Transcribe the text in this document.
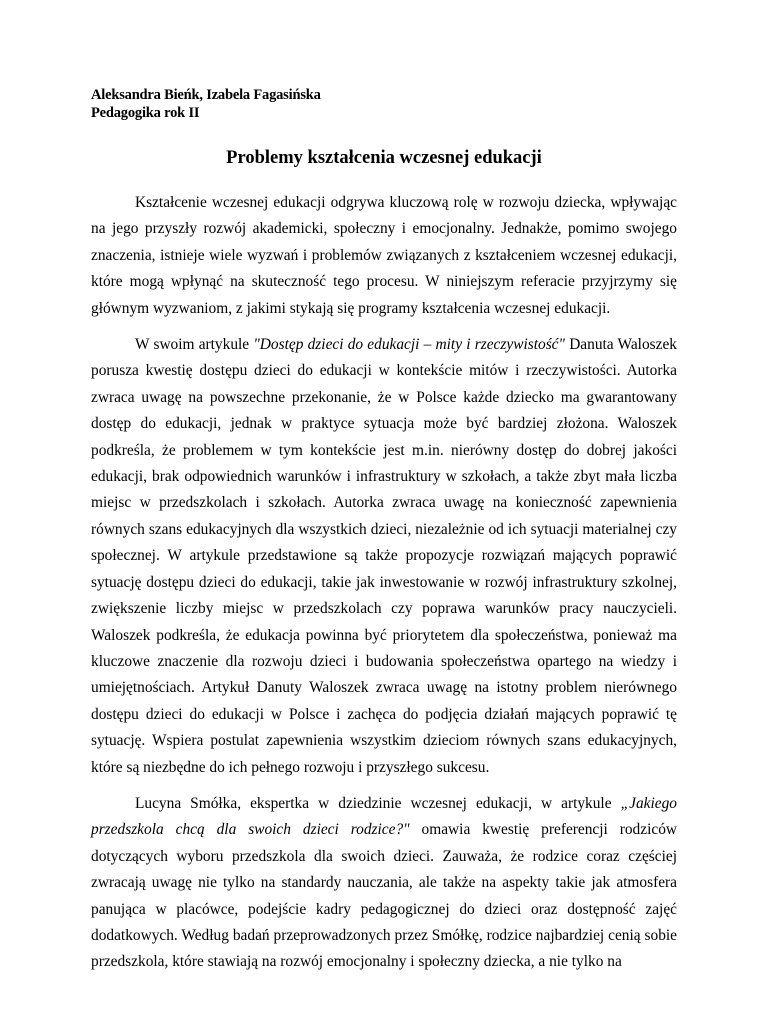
Aleksandra Bieńk, Izabela Fagasińska
Pedagogika rok II
Problemy kształcenia wczesnej edukacji

Kształcenie wczesnej edukacji odgrywa kluczową rolę w rozwoju dziecka, wpływając na jego przyszły rozwój akademicki, społeczny i emocjonalny. Jednakże, pomimo swojego znaczenia, istnieje wiele wyzwań i problemów związanych z kształceniem wczesnej edukacji, które mogą wpłynąć na skuteczność tego procesu. W niniejszym referacie przyjrzymy się głównym wyzwaniom, z jakimi stykają się programy kształcenia wczesnej edukacji.

W swoim artykule "Dostęp dzieci do edukacji – mity i rzeczywistość" Danuta Waloszek porusza kwestię dostępu dzieci do edukacji w kontekście mitów i rzeczywistości. Autorka zwraca uwagę na powszechne przekonanie, że w Polsce każde dziecko ma gwarantowany dostęp do edukacji, jednak w praktyce sytuacja może być bardziej złożona. Waloszek podkreśla, że problemem w tym kontekście jest m.in. nierówny dostęp do dobrej jakości edukacji, brak odpowiednich warunków i infrastruktury w szkołach, a także zbyt mała liczba miejsc w przedszkolach i szkołach. Autorka zwraca uwagę na konieczność zapewnienia równych szans edukacyjnych dla wszystkich dzieci, niezależnie od ich sytuacji materialnej czy społecznej. W artykule przedstawione są także propozycje rozwiązań mających poprawić sytuację dostępu dzieci do edukacji, takie jak inwestowanie w rozwój infrastruktury szkolnej, zwiększenie liczby miejsc w przedszkolach czy poprawa warunków pracy nauczycieli. Waloszek podkreśla, że edukacja powinna być priorytetem dla społeczeństwa, ponieważ ma kluczowe znaczenie dla rozwoju dzieci i budowania społeczeństwa opartego na wiedzy i umiejętnościach. Artykuł Danuty Waloszek zwraca uwagę na istotny problem nierównego dostępu dzieci do edukacji w Polsce i zachęca do podjęcia działań mających poprawić tę sytuację. Wspiera postulat zapewnienia wszystkim dzieciom równych szans edukacyjnych, które są niezbędne do ich pełnego rozwoju i przyszłego sukcesu.

Lucyna Smółka, ekspertka w dziedzinie wczesnej edukacji, w artykule „Jakiego przedszkola chcą dla swoich dzieci rodzice?" omawia kwestię preferencji rodziców dotyczących wyboru przedszkola dla swoich dzieci. Zauważa, że rodzice coraz częściej zwracają uwagę nie tylko na standardy nauczania, ale także na aspekty takie jak atmosfera panująca w placówce, podejście kadry pedagogicznej do dzieci oraz dostępność zajęć dodatkowych. Według badań przeprowadzonych przez Smółkę, rodzice najbardziej cenią sobie przedszkola, które stawiają na rozwój emocjonalny i społeczny dziecka, a nie tylko na
